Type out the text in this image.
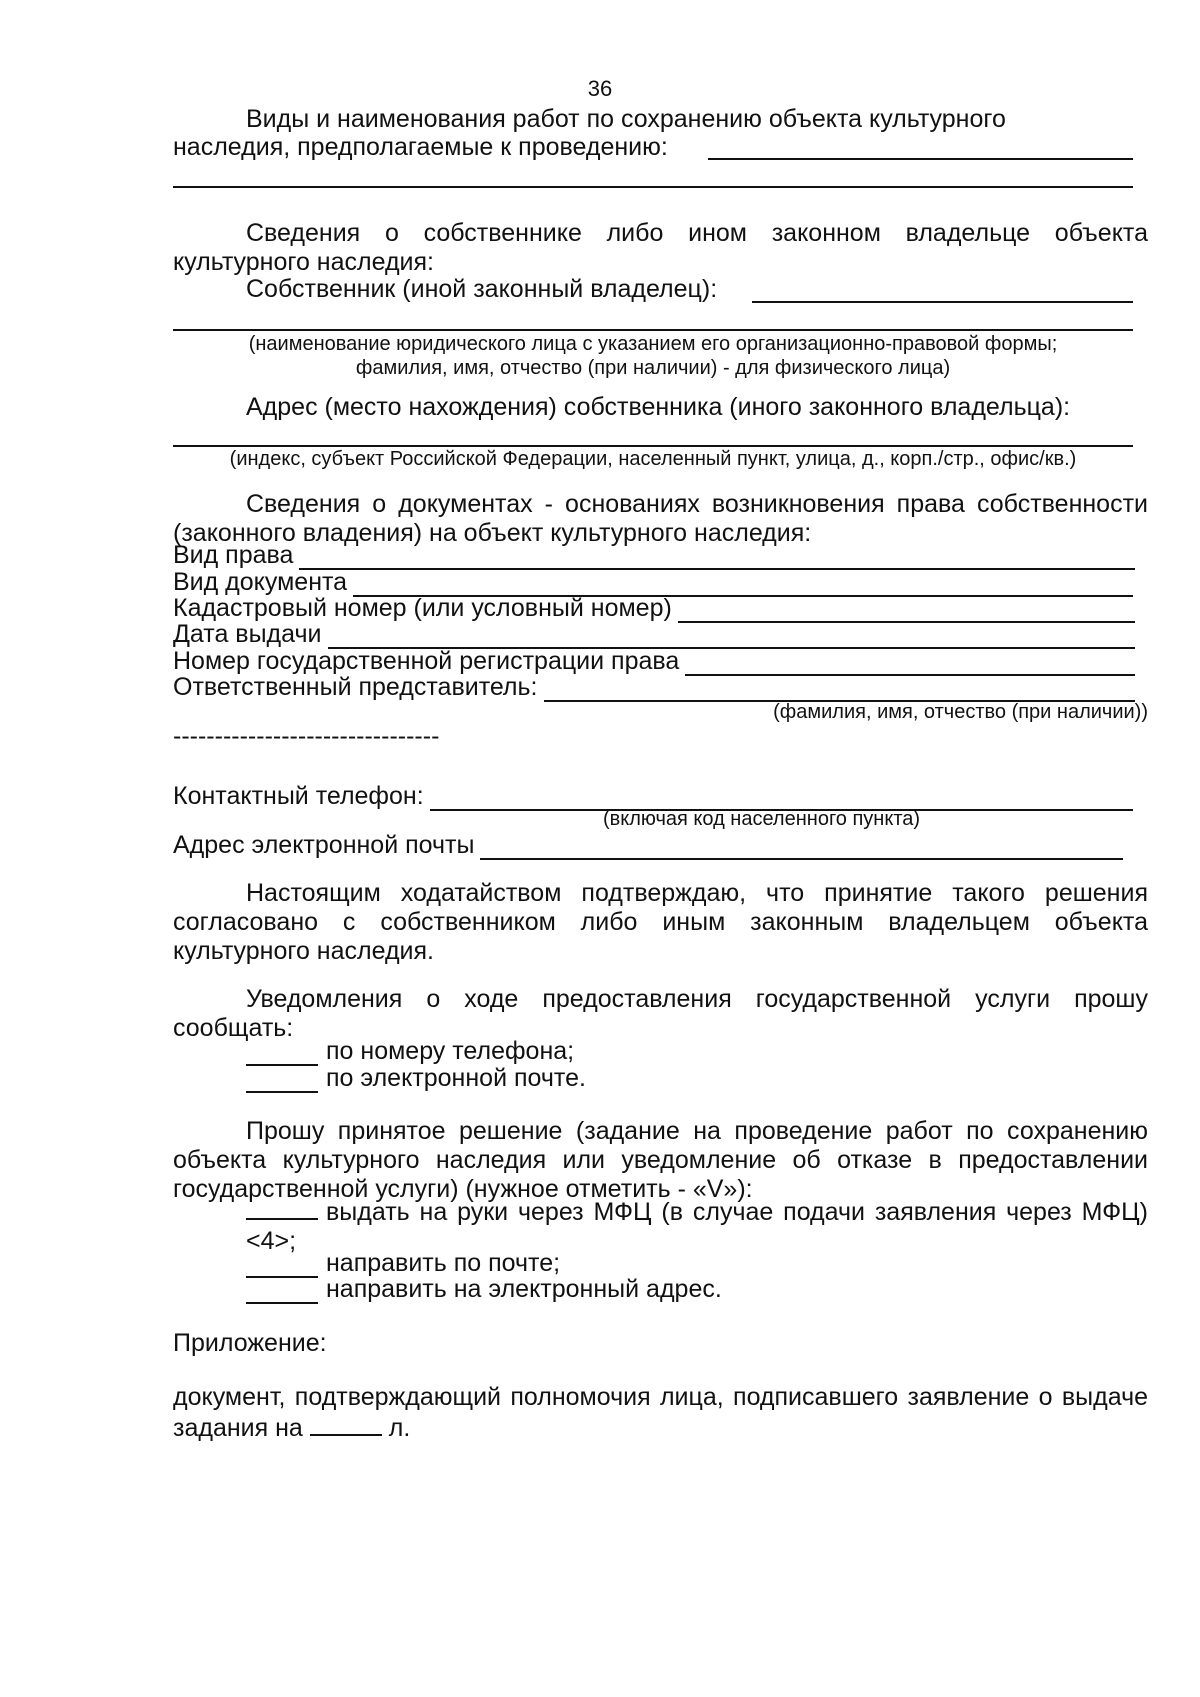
36
Виды и наименования работ по сохранению объекта культурного
наследия, предполагаемые к проведению:
Сведения о собственнике либо ином законном владельце объекта культурного наследия:
Собственник (иной законный владелец):
(наименование юридического лица с указанием его организационно-правовой формы;
фамилия, имя, отчество (при наличии) - для физического лица)
Адрес (место нахождения) собственника (иного законного владельца):
(индекс, субъект Российской Федерации, населенный пункт, улица, д., корп./стр., офис/кв.)
Сведения о документах - основаниях возникновения права собственности (законного владения) на объект культурного наследия:
Вид права
Вид документа
Кадастровый номер (или условный номер)
Дата выдачи
Номер государственной регистрации права
Ответственный представитель:
(фамилия, имя, отчество (при наличии))
--------------------------------
Контактный телефон:
(включая код населенного пункта)
Адрес электронной почты
Настоящим ходатайством подтверждаю, что принятие такого решения согласовано с собственником либо иным законным владельцем объекта культурного наследия.
Уведомления о ходе предоставления государственной услуги прошу сообщать:
по номеру телефона;
по электронной почте.
Прошу принятое решение (задание на проведение работ по сохранению объекта культурного наследия или уведомление об отказе в предоставлении государственной услуги) (нужное отметить - «V»):
выдать на руки через МФЦ (в случае подачи заявления через МФЦ)<4>;
направить по почте;
направить на электронный адрес.
Приложение:
документ, подтверждающий полномочия лица, подписавшего заявление о выдаче задания на	л.
